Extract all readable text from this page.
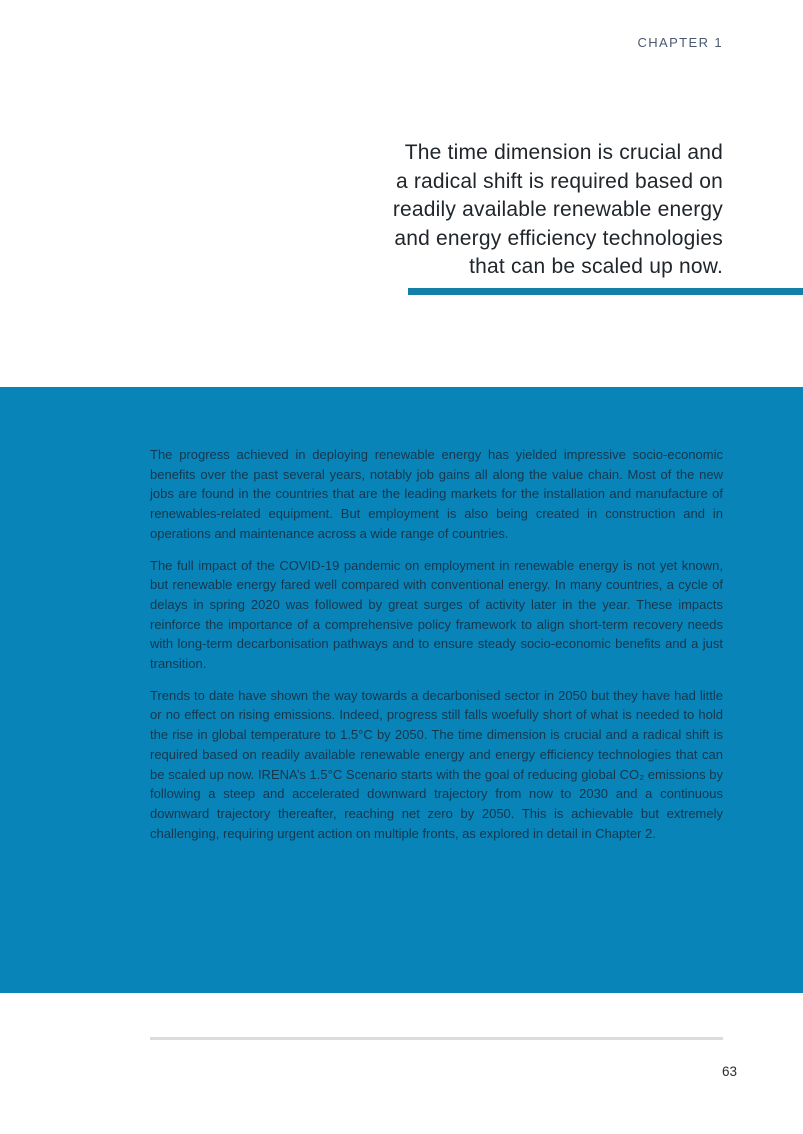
CHAPTER 1
The time dimension is crucial and
a radical shift is required based on
readily available renewable energy
and energy efficiency technologies
that can be scaled up now.

The progress achieved in deploying renewable energy has yielded impressive socio-economic benefits over the past several years, notably job gains all along the value chain. Most of the new jobs are found in the countries that are the leading markets for the installation and manufacture of renewables-related equipment. But employment is also being created in construction and in operations and maintenance across a wide range of countries.

The full impact of the COVID-19 pandemic on employment in renewable energy is not yet known, but renewable energy fared well compared with conventional energy. In many countries, a cycle of delays in spring 2020 was followed by great surges of activity later in the year. These impacts reinforce the importance of a comprehensive policy framework to align short-term recovery needs with long-term decarbonisation pathways and to ensure steady socio-economic benefits and a just transition.

Trends to date have shown the way towards a decarbonised sector in 2050 but they have had little or no effect on rising emissions. Indeed, progress still falls woefully short of what is needed to hold the rise in global temperature to 1.5°C by 2050. The time dimension is crucial and a radical shift is required based on readily available renewable energy and energy efficiency technologies that can be scaled up now. IRENA’s 1.5°C Scenario starts with the goal of reducing global CO₂ emissions by following a steep and accelerated downward trajectory from now to 2030 and a continuous downward trajectory thereafter, reaching net zero by 2050. This is achievable but extremely challenging, requiring urgent action on multiple fronts, as explored in detail in Chapter 2.

63
